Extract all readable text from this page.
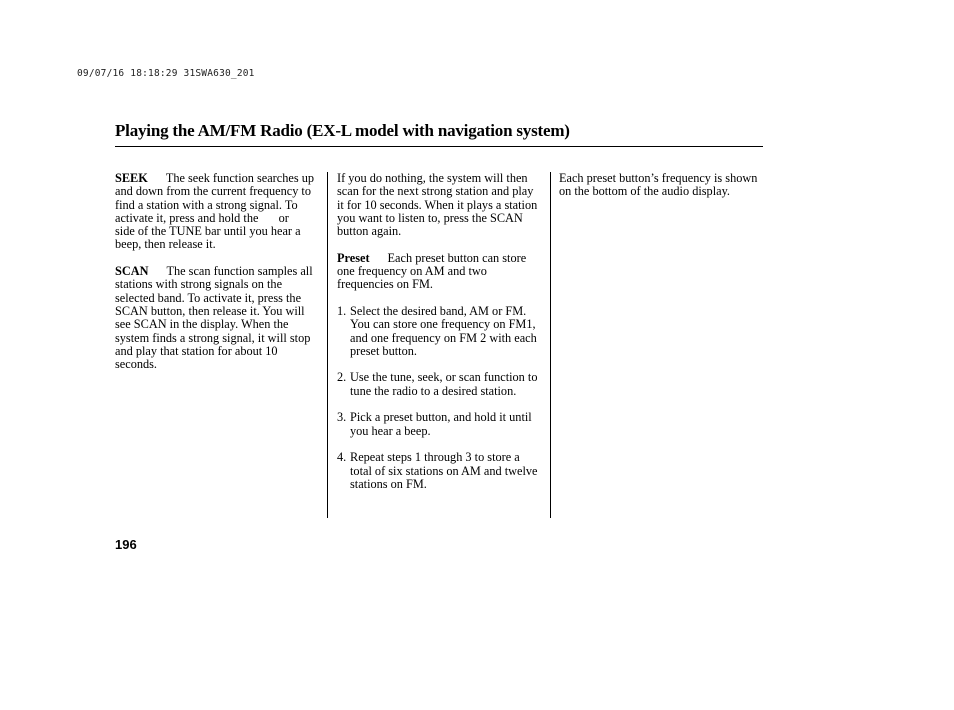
09/07/16 18:18:29 31SWA630_201
Playing the AM/FM Radio (EX-L model with navigation system)

SEEK The seek function searches up and down from the current frequency to find a station with a strong signal. To activate it, press and hold the or  side of the TUNE bar until you hear a beep, then release it.

SCAN The scan function samples all stations with strong signals on the selected band. To activate it, press the SCAN button, then release it. You will see SCAN in the display. When the system finds a strong signal, it will stop and play that station for about 10 seconds.

If you do nothing, the system will then scan for the next strong station and play it for 10 seconds. When it plays a station you want to listen to, press the SCAN button again.

Preset Each preset button can store one frequency on AM and two frequencies on FM.

1. Select the desired band, AM or FM. You can store one frequency on FM1, and one frequency on FM 2 with each preset button.
2. Use the tune, seek, or scan function to tune the radio to a desired station.
3. Pick a preset button, and hold it until you hear a beep.
4. Repeat steps 1 through 3 to store a total of six stations on AM and twelve stations on FM.

Each preset button’s frequency is shown on the bottom of the audio display.

196
